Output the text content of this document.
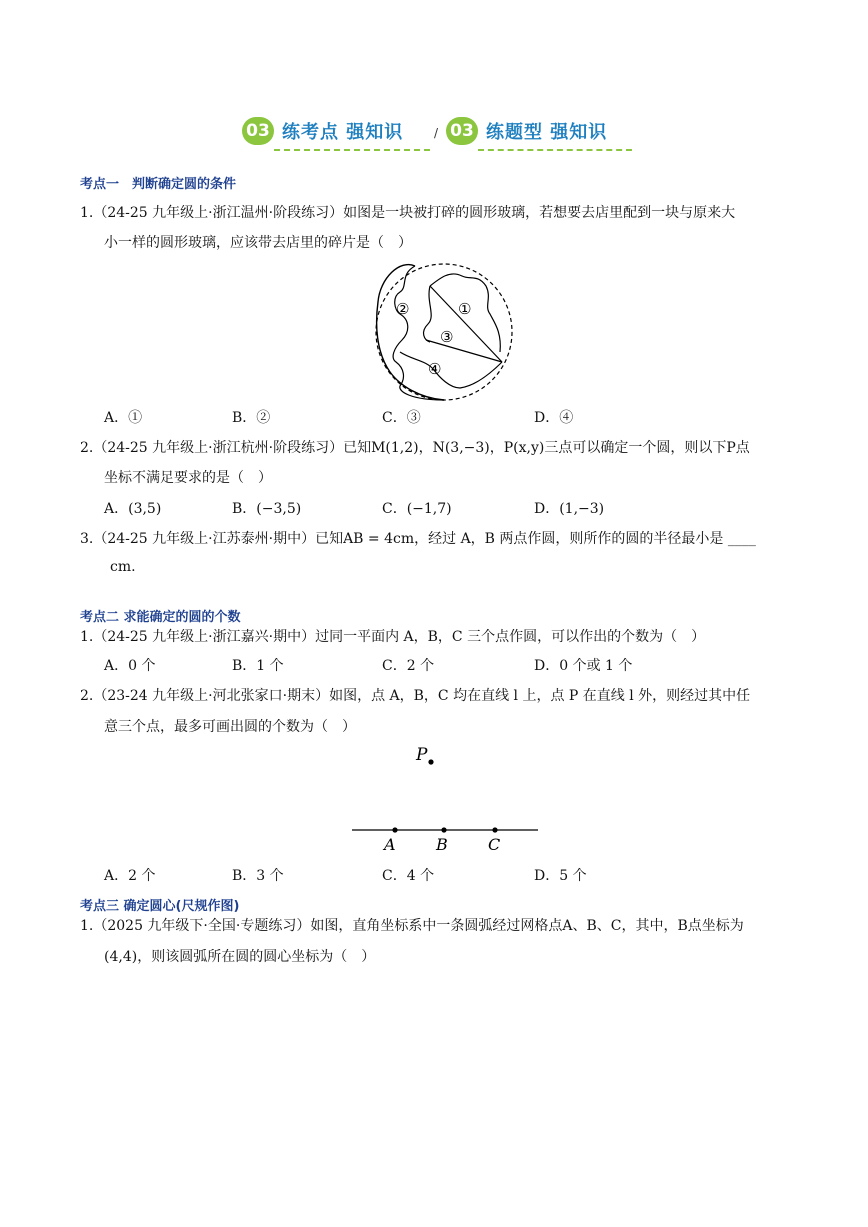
03 练考点 强知识	/ 03 练题型 强知识
考点一　判断确定圆的条件
1.（24-25 九年级上·浙江温州·阶段练习）如图是一块被打碎的圆形玻璃，若想要去店里配到一块与原来大
小一样的圆形玻璃，应该带去店里的碎片是（　）
②	①
③
④
A．①	B．②	C．③	D．④
2.（24-25 九年级上·浙江杭州·阶段练习）已知M(1,2)，N(3,−3)，P(x,y)三点可以确定一个圆，则以下P点
坐标不满足要求的是（　）
A．(3,5)	B．(−3,5)	C．(−1,7)	D．(1,−3)
3.（24-25 九年级上·江苏泰州·期中）已知AB = 4cm，经过 A，B 两点作圆，则所作的圆的半径最小是 ____
cm.
考点二 求能确定的圆的个数
1.（24-25 九年级上·浙江嘉兴·期中）过同一平面内 A，B，C 三个点作圆，可以作出的个数为（　）
A．0 个	B．1 个	C．2 个	D．0 个或 1 个
2.（23-24 九年级上·河北张家口·期末）如图，点 A，B，C 均在直线 l 上，点 P 在直线 l 外，则经过其中任
意三个点，最多可画出圆的个数为（　）
P
A	B	C
A．2 个	B．3 个	C．4 个	D．5 个
考点三 确定圆心(尺规作图)
1.（2025 九年级下·全国·专题练习）如图，直角坐标系中一条圆弧经过网格点A、B、C，其中，B点坐标为
(4,4)，则该圆弧所在圆的圆心坐标为（　）
